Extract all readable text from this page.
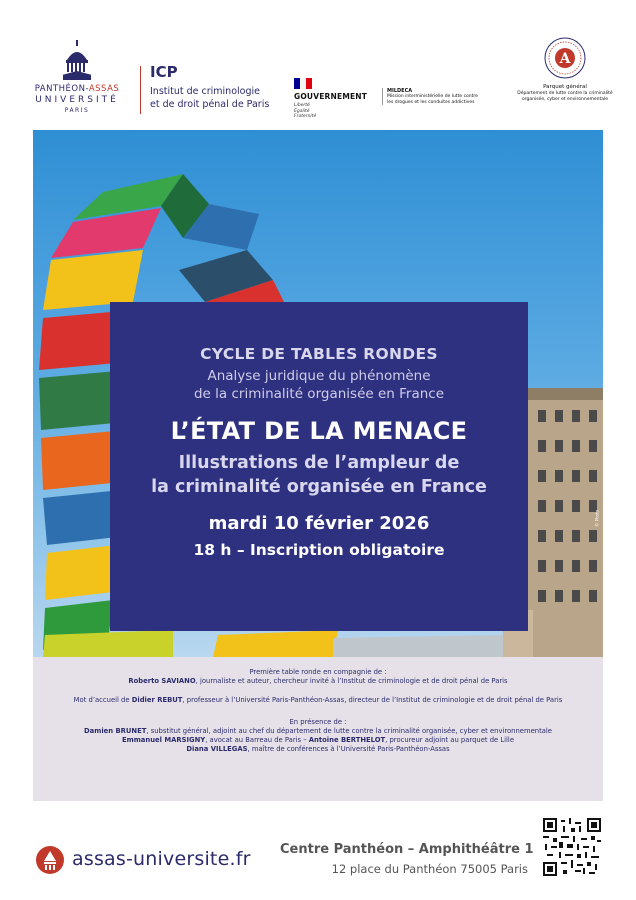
PANTHÉON-ASSAS
UNIVERSITÉ
PARIS
ICP
Institut de criminologie
et de droit pénal de Paris
GOUVERNEMENT
Liberté
Égalité
Fraternité
MILDECA
Mission interministérielle de lutte contre
les drogues et les conduites addictives
A
Parquet général
Département de lutte contre la criminalité
organisée, cyber et environnementale
© Photo
CYCLE DE TABLES RONDES
Analyse juridique du phénomène
de la criminalité organisée en France
L’ÉTAT DE LA MENACE
Illustrations de l’ampleur de
la criminalité organisée en France
mardi 10 février 2026
18 h – Inscription obligatoire
Première table ronde en compagnie de :
Roberto SAVIANO, journaliste et auteur, chercheur invité à l’Institut de criminologie et de droit pénal de Paris
Mot d’accueil de Didier REBUT, professeur à l’Université Paris-Panthéon-Assas, directeur de l’Institut de criminologie et de droit pénal de Paris
En présence de :
Damien BRUNET, substitut général, adjoint au chef du département de lutte contre la criminalité organisée, cyber et environnementale
Emmanuel MARSIGNY, avocat au Barreau de Paris – Antoine BERTHELOT, procureur adjoint au parquet de Lille
Diana VILLEGAS, maître de conférences à l’Université Paris-Panthéon-Assas
assas-universite.fr Centre Panthéon – Amphithéâtre 1
12 place du Panthéon 75005 Paris
